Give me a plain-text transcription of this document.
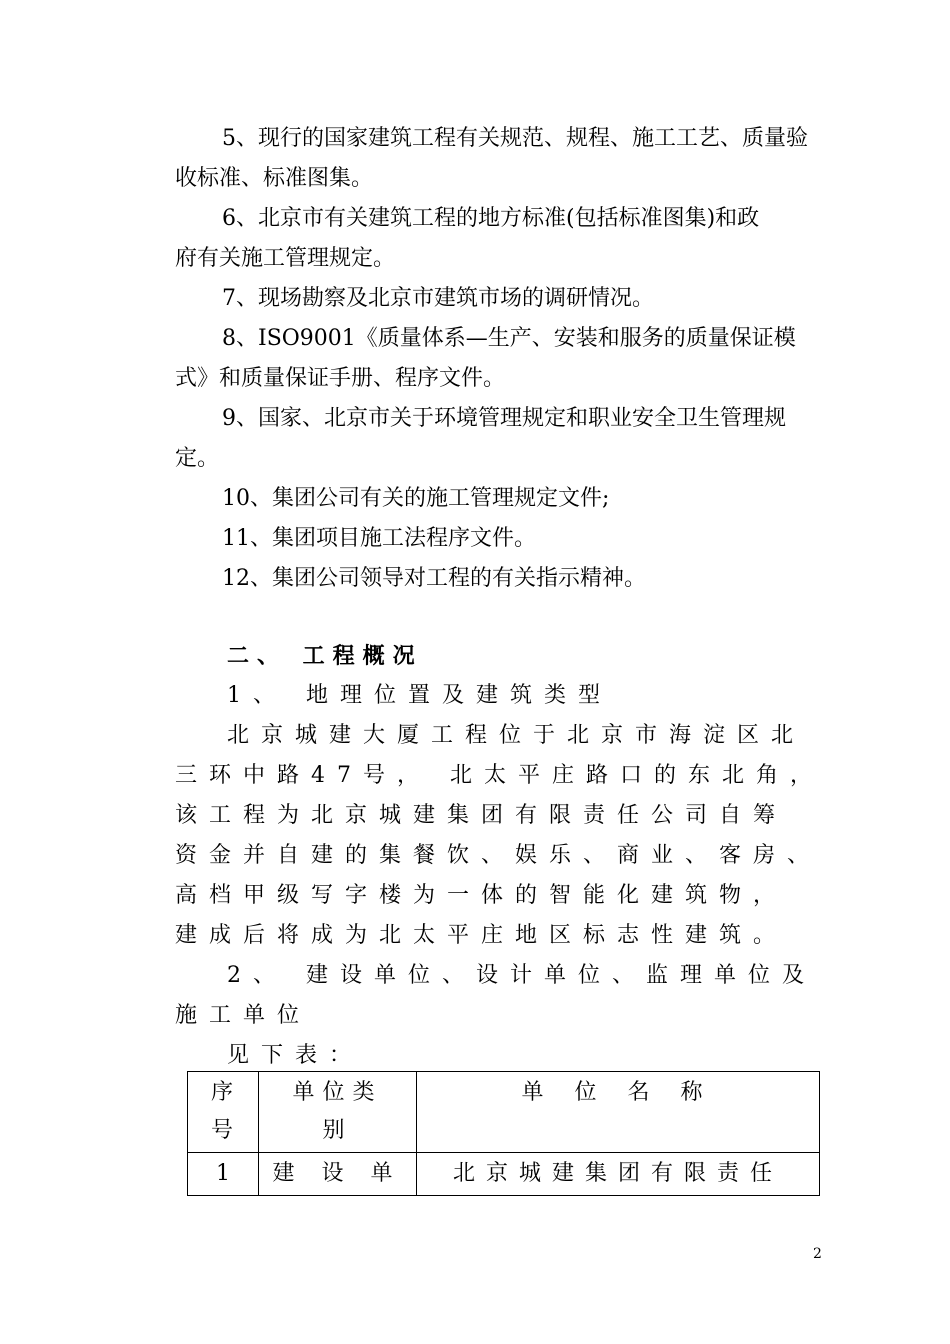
5、现行的国家建筑工程有关规范、规程、施工工艺、质量验
收标准、标准图集。
6、北京市有关建筑工程的地方标准(包括标准图集)和政
府有关施工管理规定。
7、现场勘察及北京市建筑市场的调研情况。
8、ISO9001《质量体系—生产、安装和服务的质量保证模
式》和质量保证手册、程序文件。
9、国家、北京市关于环境管理规定和职业安全卫生管理规
定。
10、集团公司有关的施工管理规定文件;
11、集团项目施工法程序文件。
12、集团公司领导对工程的有关指示精神。
二、 工程概况
1、 地理位置及建筑类型
北京城建大厦工程位于北京市海淀区北
三环中路47号， 北太平庄路口的东北角，
该工程为北京城建集团有限责任公司自筹
资金并自建的集餐饮、娱乐、商业、客房、
高档甲级写字楼为一体的智能化建筑物，
建成后将成为北太平庄地区标志性建筑。
2、 建设单位、设计单位、监理单位及
施工单位
见下表：
序号	单位类别	单 位 名 称
1	建 设 单	北京城建集团有限责任
2
